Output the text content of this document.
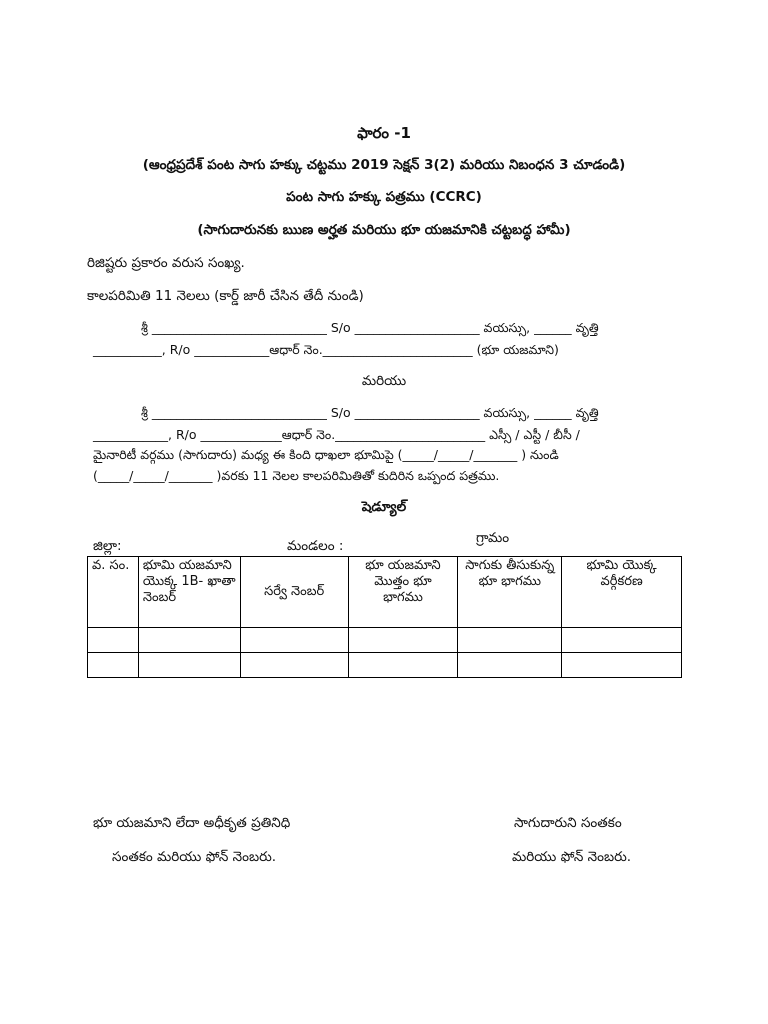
ఫారం -1
(ఆంధ్రప్రదేశ్ పంట సాగు హక్కు చట్టము 2019 సెక్షన్ 3(2) మరియు నిబంధన 3 చూడండి)
పంట సాగు హక్కు పత్రము (CCRC)
(సాగుదారునకు ఋణ అర్హత మరియు భూ యజమానికి చట్టబద్ధ హామీ)
రిజిష్టరు ప్రకారం వరుస సంఖ్య.
కాలపరిమితి 11 నెలలు (కార్డ్ జారీ చేసిన తేదీ నుండి)
శ్రీ ____________________________ S/o ____________________ వయస్సు, ______ వృత్తి
___________, R/o ____________ఆధార్ నెం.________________________ (భూ యజమాని)
మరియు
శ్రీ ____________________________ S/o ____________________ వయస్సు, ______ వృత్తి
____________, R/o _____________ఆధార్ నెం.________________________ ఎస్సీ / ఎస్టీ / బీసీ /
మైనారిటీ వర్గము (సాగుదారు) మధ్య ఈ కింది ధాఖలా భూమిపై (_____/_____/_______ ) నుండి
(_____/_____/_______ )వరకు 11 నెలల కాలపరిమితితో కుదిరిన ఒప్పంద పత్రము.
షెడ్యూల్
జిల్లా:	మండలం :	గ్రామం
వ. సం.	భూమి యజమాని యొక్క 1B- ఖాతా నెంబర్	సర్వే నెంబర్	భూ యజమాని మొత్తం భూ భాగము	సాగుకు తీసుకున్న భూ భాగము	భూమి యొక్క వర్గీకరణ

భూ యజమాని లేదా అధీకృత ప్రతినిధి
సంతకం మరియు ఫోన్ నెంబరు.
సాగుదారుని సంతకం
మరియు ఫోన్ నెంబరు.
